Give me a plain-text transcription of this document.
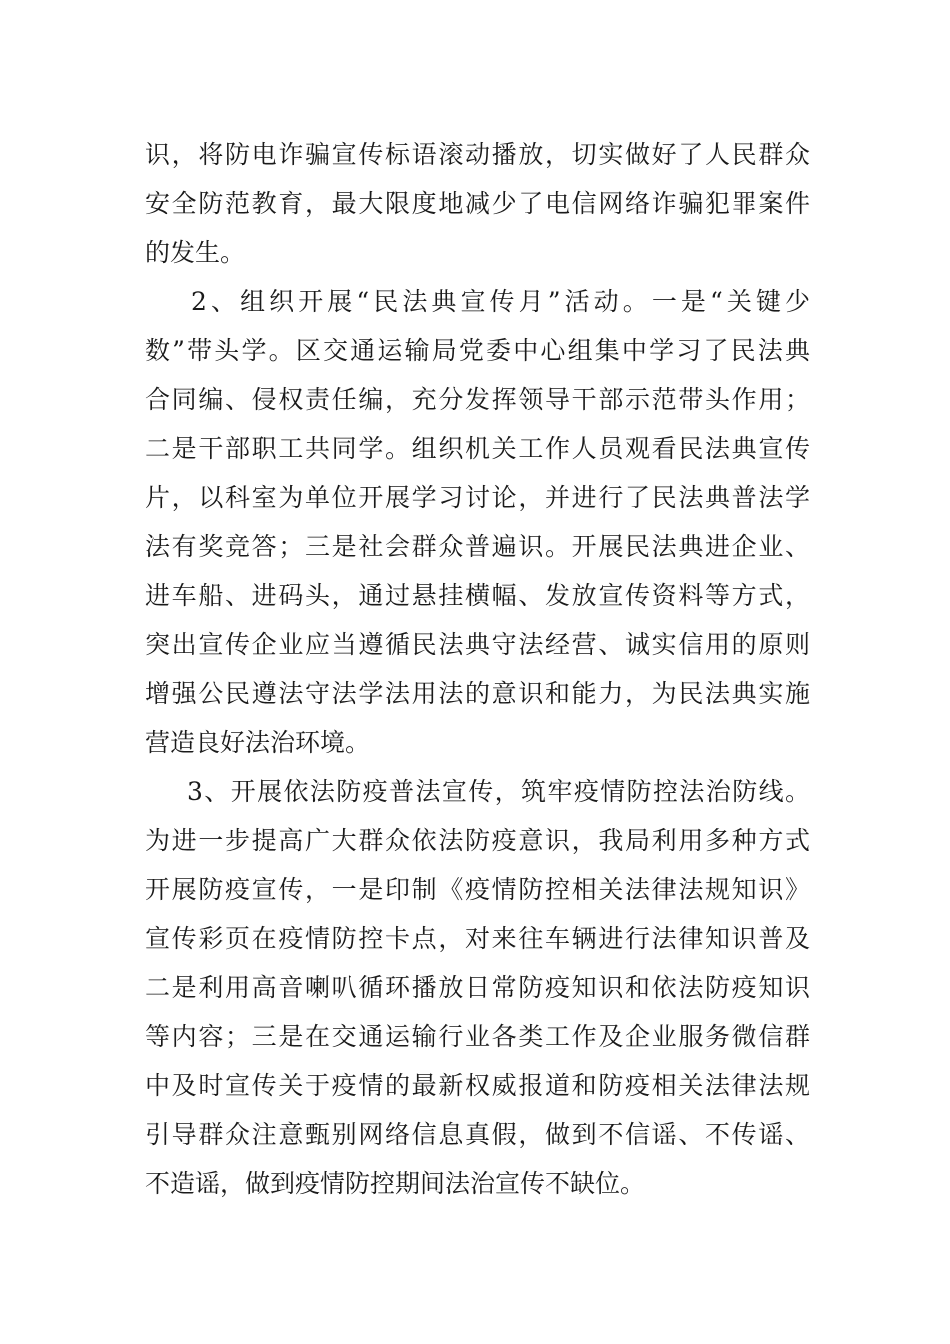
识，将防电诈骗宣传标语滚动播放，切实做好了人民群众
安全防范教育，最大限度地减少了电信网络诈骗犯罪案件
的发生。
2、组织开展“民法典宣传月”活动。一是“关键少
数”带头学。区交通运输局党委中心组集中学习了民法典
合同编、侵权责任编，充分发挥领导干部示范带头作用；
二是干部职工共同学。组织机关工作人员观看民法典宣传
片，以科室为单位开展学习讨论，并进行了民法典普法学
法有奖竞答；三是社会群众普遍识。开展民法典进企业、
进车船、进码头，通过悬挂横幅、发放宣传资料等方式，
突出宣传企业应当遵循民法典守法经营、诚实信用的原则
增强公民遵法守法学法用法的意识和能力，为民法典实施
营造良好法治环境。
3、开展依法防疫普法宣传，筑牢疫情防控法治防线。
为进一步提高广大群众依法防疫意识，我局利用多种方式
开展防疫宣传，一是印制《疫情防控相关法律法规知识》
宣传彩页在疫情防控卡点，对来往车辆进行法律知识普及
二是利用高音喇叭循环播放日常防疫知识和依法防疫知识
等内容；三是在交通运输行业各类工作及企业服务微信群
中及时宣传关于疫情的最新权威报道和防疫相关法律法规
引导群众注意甄别网络信息真假，做到不信谣、不传谣、
不造谣，做到疫情防控期间法治宣传不缺位。
